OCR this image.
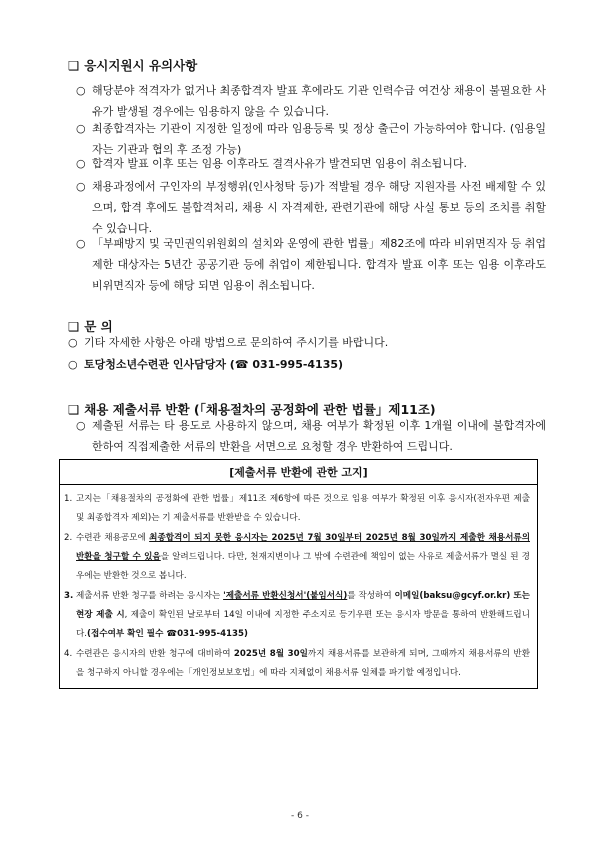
❑ 응시지원시 유의사항
○ 해당분야 적격자가 없거나 최종합격자 발표 후에라도 기관 인력수급 여건상 채용이 불필요한 사유가 발생될 경우에는 임용하지 않을 수 있습니다.
○ 최종합격자는 기관이 지정한 일정에 따라 임용등록 및 정상 출근이 가능하여야 합니다. (임용일자는 기관과 협의 후 조정 가능)
○ 합격자 발표 이후 또는 임용 이후라도 결격사유가 발견되면 임용이 취소됩니다.
○ 채용과정에서 구인자의 부정행위(인사청탁 등)가 적발될 경우 해당 지원자를 사전 배제할 수 있으며, 합격 후에도 불합격처리, 채용 시 자격제한, 관련기관에 해당 사실 통보 등의 조치를 취할 수 있습니다.
○ 「부패방지 및 국민권익위원회의 설치와 운영에 관한 법률」제82조에 따라 비위면직자 등 취업제한 대상자는 5년간 공공기관 등에 취업이 제한됩니다. 합격자 발표 이후 또는 임용 이후라도 비위면직자 등에 해당 되면 임용이 취소됩니다.
❑ 문 의
○ 기타 자세한 사항은 아래 방법으로 문의하여 주시기를 바랍니다.
○ 토당청소년수련관 인사담당자 (☎ 031-995-4135)
❑ 채용 제출서류 반환 (「채용절차의 공정화에 관한 법률」제11조)
○ 제출된 서류는 타 용도로 사용하지 않으며, 채용 여부가 확정된 이후 1개월 이내에 불합격자에 한하여 직접제출한 서류의 반환을 서면으로 요청할 경우 반환하여 드립니다.
[제출서류 반환에 관한 고지]
1. 고지는「채용절차의 공정화에 관한 법률」제11조 제6항에 따른 것으로 임용 여부가 확정된 이후 응시자(전자우편 제출 및 최종합격자 제외)는 기 제출서류를 반환받을 수 있습니다.
2. 수련관 채용공모에 최종합격이 되지 못한 응시자는 2025년 7월 30일부터 2025년 8월 30일까지 제출한 채용서류의 반환을 청구할 수 있음을 알려드립니다. 다만, 천재지변이나 그 밖에 수련관에 책임이 없는 사유로 제출서류가 멸실 된 경우에는 반환한 것으로 봅니다.
3. 제출서류 반환 청구를 하려는 응시자는 '제출서류 반환신청서'(붙임서식)를 작성하여 이메일(baksu@gcyf.or.kr) 또는 현장 제출 시, 제출이 확인된 날로부터 14일 이내에 지정한 주소지로 등기우편 또는 응시자 방문을 통하여 반환해드립니다.(접수여부 확인 필수 ☎031-995-4135)
4. 수련관은 응시자의 반환 청구에 대비하여 2025년 8월 30일까지 채용서류를 보관하게 되며, 그때까지 채용서류의 반환을 청구하지 아니할 경우에는「개인정보보호법」에 따라 지체없이 채용서류 일체를 파기할 예정입니다.
- 6 -
